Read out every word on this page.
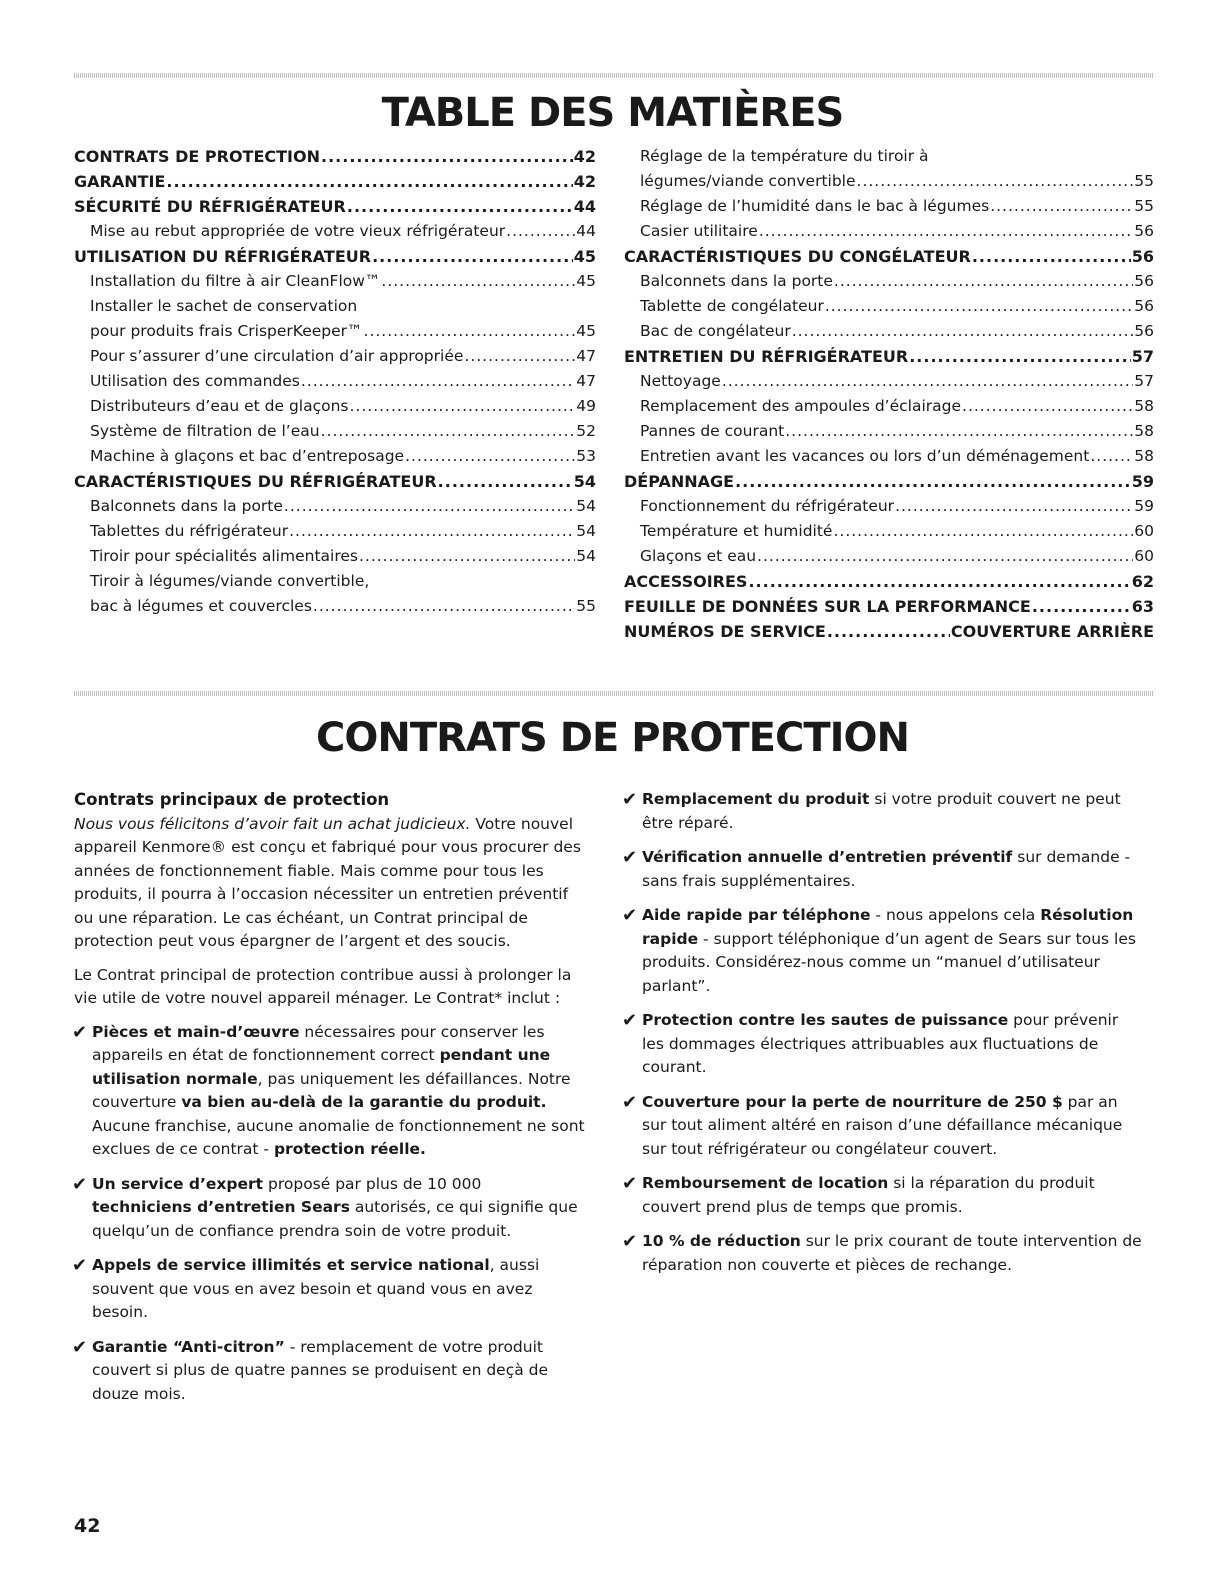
TABLE DES MATIÈRES
CONTRATS DE PROTECTION .....	42
GARANTIE .....	42
SÉCURITÉ DU RÉFRIGÉRATEUR .....	44
Mise au rebut appropriée de votre vieux réfrigérateur .....	44
UTILISATION DU RÉFRIGÉRATEUR .....	45
Installation du filtre à air CleanFlow™ .....	45
Installer le sachet de conservation
pour produits frais CrisperKeeper™ .....	45
Pour s’assurer d’une circulation d’air appropriée .....	47
Utilisation des commandes .....	47
Distributeurs d’eau et de glaçons .....	49
Système de filtration de l’eau .....	52
Machine à glaçons et bac d’entreposage .....	53
CARACTÉRISTIQUES DU RÉFRIGÉRATEUR .....	54
Balconnets dans la porte .....	54
Tablettes du réfrigérateur .....	54
Tiroir pour spécialités alimentaires .....	54
Tiroir à légumes/viande convertible,
bac à légumes et couvercles .....	55
Réglage de la température du tiroir à
légumes/viande convertible .....	55
Réglage de l’humidité dans le bac à légumes .....	55
Casier utilitaire .....	56
CARACTÉRISTIQUES DU CONGÉLATEUR .....	56
Balconnets dans la porte .....	56
Tablette de congélateur .....	56
Bac de congélateur .....	56
ENTRETIEN DU RÉFRIGÉRATEUR .....	57
Nettoyage .....	57
Remplacement des ampoules d’éclairage .....	58
Pannes de courant .....	58
Entretien avant les vacances ou lors d’un déménagement .....	58
DÉPANNAGE .....	59
Fonctionnement du réfrigérateur .....	59
Température et humidité .....	60
Glaçons et eau .....	60
ACCESSOIRES .....	62
FEUILLE DE DONNÉES SUR LA PERFORMANCE .....	63
NUMÉROS DE SERVICE .....	COUVERTURE ARRIÈRE
CONTRATS DE PROTECTION
Contrats principaux de protection

Nous vous félicitons d’avoir fait un achat judicieux. Votre nouvel appareil Kenmore® est conçu et fabriqué pour vous procurer des années de fonctionnement fiable. Mais comme pour tous les produits, il pourra à l’occasion nécessiter un entretien préventif ou une réparation. Le cas échéant, un Contrat principal de protection peut vous épargner de l’argent et des soucis.

Le Contrat principal de protection contribue aussi à prolonger la vie utile de votre nouvel appareil ménager. Le Contrat* inclut :

✔ Pièces et main-d’œuvre nécessaires pour conserver les appareils en état de fonctionnement correct pendant une utilisation normale, pas uniquement les défaillances. Notre couverture va bien au-delà de la garantie du produit. Aucune franchise, aucune anomalie de fonctionnement ne sont exclues de ce contrat - protection réelle.
✔ Un service d’expert proposé par plus de 10 000 techniciens d’entretien Sears autorisés, ce qui signifie que quelqu’un de confiance prendra soin de votre produit.
✔ Appels de service illimités et service national, aussi souvent que vous en avez besoin et quand vous en avez besoin.
✔ Garantie “Anti-citron” - remplacement de votre produit couvert si plus de quatre pannes se produisent en deçà de douze mois.
✔ Remplacement du produit si votre produit couvert ne peut être réparé.
✔ Vérification annuelle d’entretien préventif sur demande - sans frais supplémentaires.
✔ Aide rapide par téléphone - nous appelons cela Résolution rapide - support téléphonique d’un agent de Sears sur tous les produits. Considérez-nous comme un “manuel d’utilisateur parlant”.
✔ Protection contre les sautes de puissance pour prévenir les dommages électriques attribuables aux fluctuations de courant.
✔ Couverture pour la perte de nourriture de 250 $ par an sur tout aliment altéré en raison d’une défaillance mécanique sur tout réfrigérateur ou congélateur couvert.
✔ Remboursement de location si la réparation du produit couvert prend plus de temps que promis.
✔ 10 % de réduction sur le prix courant de toute intervention de réparation non couverte et pièces de rechange.
42
